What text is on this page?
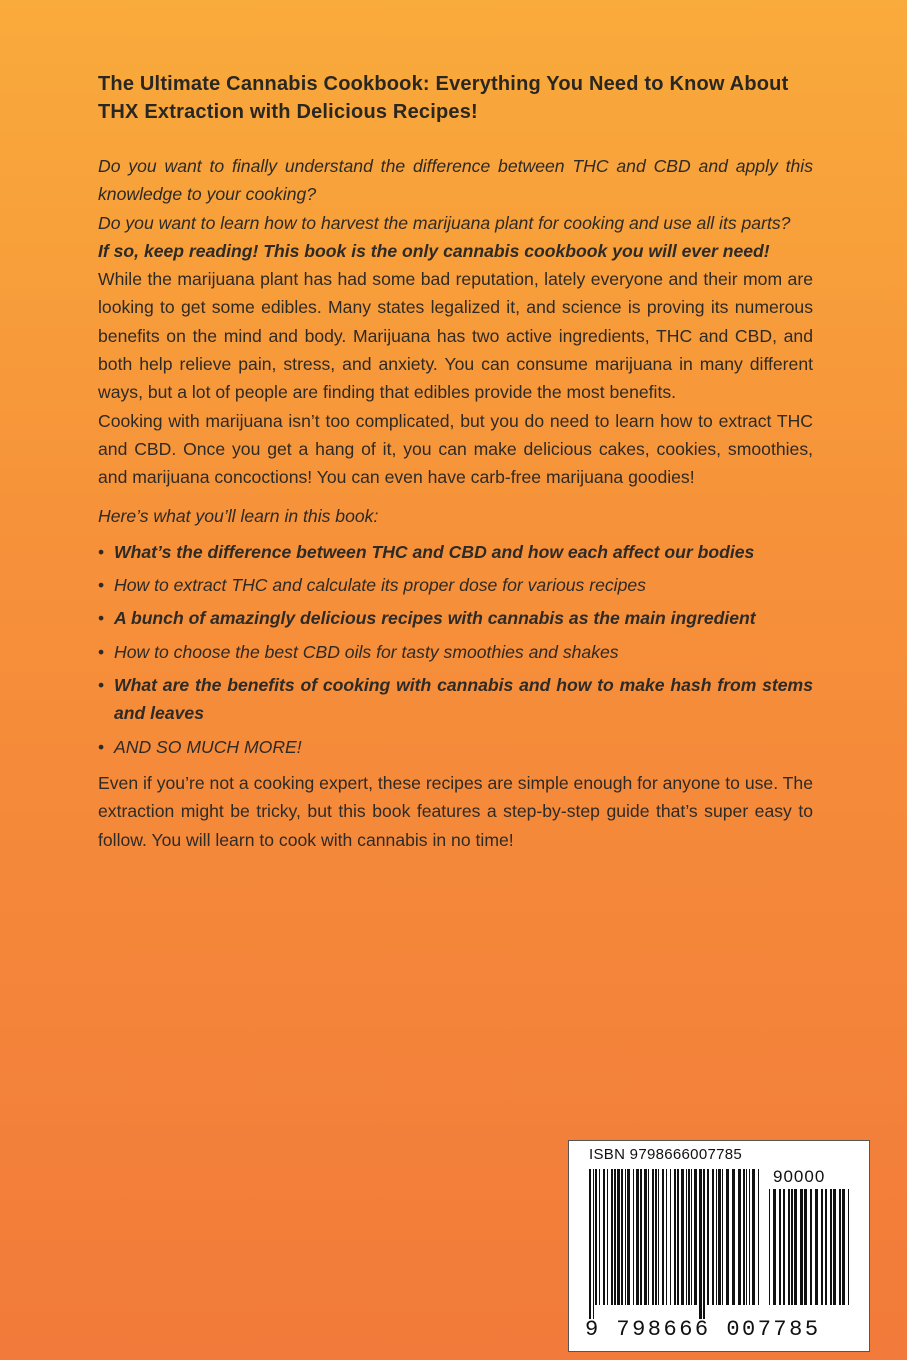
The Ultimate Cannabis Cookbook: Everything You Need to Know About THX Extraction with Delicious Recipes!

Do you want to finally understand the difference between THC and CBD and apply this knowledge to your cooking?

Do you want to learn how to harvest the marijuana plant for cooking and use all its parts?

If so, keep reading! This book is the only cannabis cookbook you will ever need!

While the marijuana plant has had some bad reputation, lately everyone and their mom are looking to get some edibles. Many states legalized it, and science is proving its numerous benefits on the mind and body. Marijuana has two active ingredients, THC and CBD, and both help relieve pain, stress, and anxiety. You can consume marijuana in many different ways, but a lot of people are finding that edibles provide the most benefits.

Cooking with marijuana isn’t too complicated, but you do need to learn how to extract THC and CBD. Once you get a hang of it, you can make delicious cakes, cookies, smoothies, and marijuana concoctions! You can even have carb-free marijuana goodies!

Here’s what you’ll learn in this book:

• What’s the difference between THC and CBD and how each affect our bodies
• How to extract THC and calculate its proper dose for various recipes
• A bunch of amazingly delicious recipes with cannabis as the main ingredient
• How to choose the best CBD oils for tasty smoothies and shakes
• What are the benefits of cooking with cannabis and how to make hash from stems and leaves
• AND SO MUCH MORE!

Even if you’re not a cooking expert, these recipes are simple enough for anyone to use. The extraction might be tricky, but this book features a step-by-step guide that’s super easy to follow. You will learn to cook with cannabis in no time!

ISBN 9798666007785
90000
9 798666 007785
